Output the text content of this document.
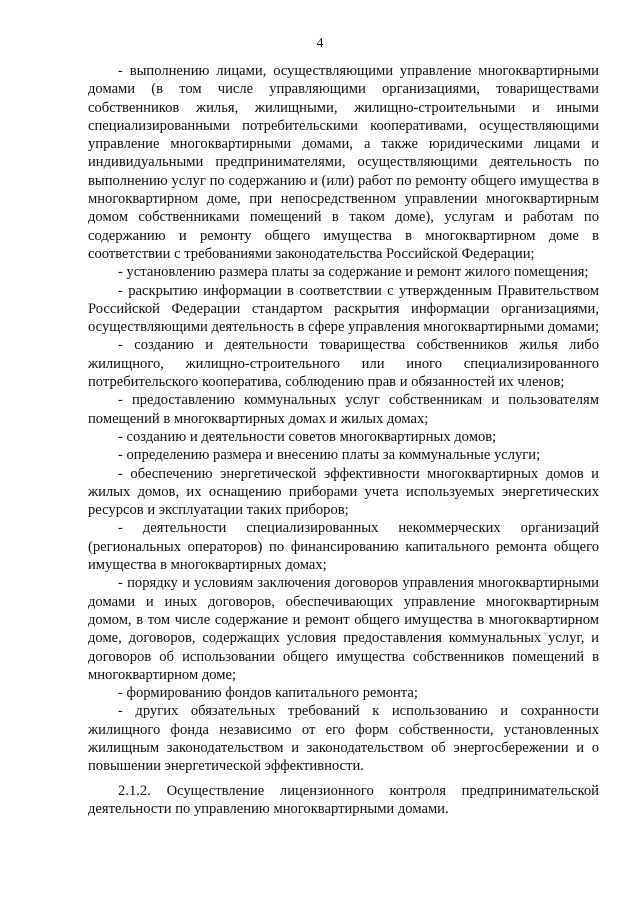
4

- выполнению лицами, осуществляющими управление многоквартирными домами (в том числе управляющими организациями, товариществами собственников жилья, жилищными, жилищно-строительными и иными специализированными потребительскими кооперативами, осуществляющими управление многоквартирными домами, а также юридическими лицами и индивидуальными предпринимателями, осуществляющими деятельность по выполнению услуг по содержанию и (или) работ по ремонту общего имущества в многоквартирном доме, при непосредственном управлении многоквартирным домом собственниками помещений в таком доме), услугам и работам по содержанию и ремонту общего имущества в многоквартирном доме в соответствии с требованиями законодательства Российской Федерации;

- установлению размера платы за содержание и ремонт жилого помещения;

- раскрытию информации в соответствии с утвержденным Правительством Российской Федерации стандартом раскрытия информации организациями, осуществляющими деятельность в сфере управления многоквартирными домами;

- созданию и деятельности товарищества собственников жилья либо жилищного, жилищно-строительного или иного специализированного потребительского кооператива, соблюдению прав и обязанностей их членов;

- предоставлению коммунальных услуг собственникам и пользователям помещений в многоквартирных домах и жилых домах;

- созданию и деятельности советов многоквартирных домов;

- определению размера и внесению платы за коммунальные услуги;

- обеспечению энергетической эффективности многоквартирных домов и жилых домов, их оснащению приборами учета используемых энергетических ресурсов и эксплуатации таких приборов;

- деятельности специализированных некоммерческих организаций (региональных операторов) по финансированию капитального ремонта общего имущества в многоквартирных домах;

- порядку и условиям заключения договоров управления многоквартирными домами и иных договоров, обеспечивающих управление многоквартирным домом, в том числе содержание и ремонт общего имущества в многоквартирном доме, договоров, содержащих условия предоставления коммунальных услуг, и договоров об использовании общего имущества собственников помещений в многоквартирном доме;

- формированию фондов капитального ремонта;

- других обязательных требований к использованию и сохранности жилищного фонда независимо от его форм собственности, установленных жилищным законодательством и законодательством об энергосбережении и о повышении энергетической эффективности.

2.1.2. Осуществление лицензионного контроля предпринимательской деятельности по управлению многоквартирными домами.
